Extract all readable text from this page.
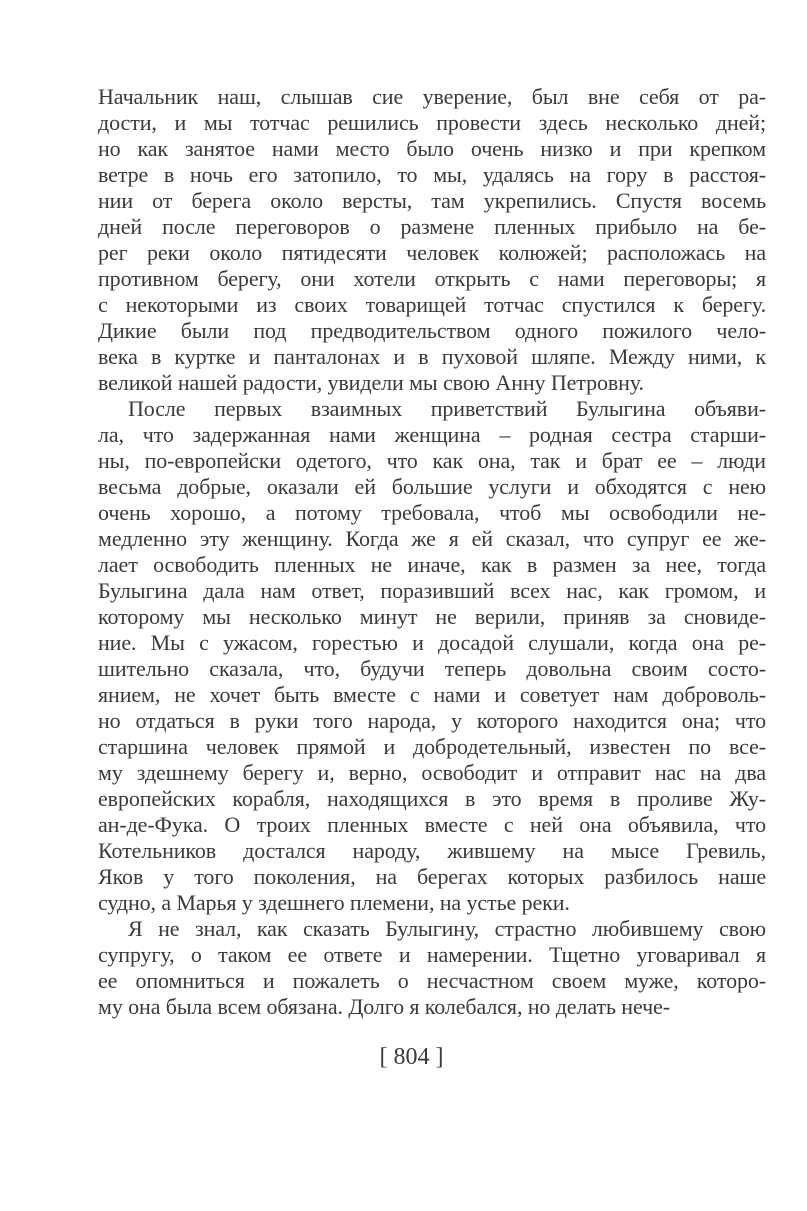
Начальник наш, слышав сие уверение, был вне себя от ра-
дости, и мы тотчас решились провести здесь несколько дней;
но как занятое нами место было очень низко и при крепком
ветре в ночь его затопило, то мы, удалясь на гору в расстоя-
нии от берега около версты, там укрепились. Спустя восемь
дней после переговоров о размене пленных прибыло на бе-
рег реки около пятидесяти человек колюжей; расположась на
противном берегу, они хотели открыть с нами переговоры; я
с некоторыми из своих товарищей тотчас спустился к берегу.
Дикие были под предводительством одного пожилого чело-
века в куртке и панталонах и в пуховой шляпе. Между ними, к
великой нашей радости, увидели мы свою Анну Петровну.
После первых взаимных приветствий Булыгина объяви-
ла, что задержанная нами женщина – родная сестра старши-
ны, по-европейски одетого, что как она, так и брат ее – люди
весьма добрые, оказали ей большие услуги и обходятся с нею
очень хорошо, а потому требовала, чтоб мы освободили не-
медленно эту женщину. Когда же я ей сказал, что супруг ее же-
лает освободить пленных не иначе, как в размен за нее, тогда
Булыгина дала нам ответ, поразивший всех нас, как громом, и
которому мы несколько минут не верили, приняв за сновиде-
ние. Мы с ужасом, горестью и досадой слушали, когда она ре-
шительно сказала, что, будучи теперь довольна своим состо-
янием, не хочет быть вместе с нами и советует нам доброволь-
но отдаться в руки того народа, у которого находится она; что
старшина человек прямой и добродетельный, известен по все-
му здешнему берегу и, верно, освободит и отправит нас на два
европейских корабля, находящихся в это время в проливе Жу-
ан-де-Фука. О троих пленных вместе с ней она объявила, что
Котельников достался народу, жившему на мысе Гревиль,
Яков у того поколения, на берегах которых разбилось наше
судно, а Марья у здешнего племени, на устье реки.
Я не знал, как сказать Булыгину, страстно любившему свою
супругу, о таком ее ответе и намерении. Тщетно уговаривал я
ее опомниться и пожалеть о несчастном своем муже, которо-
му она была всем обязана. Долго я колебался, но делать нече-
[ 804 ]
